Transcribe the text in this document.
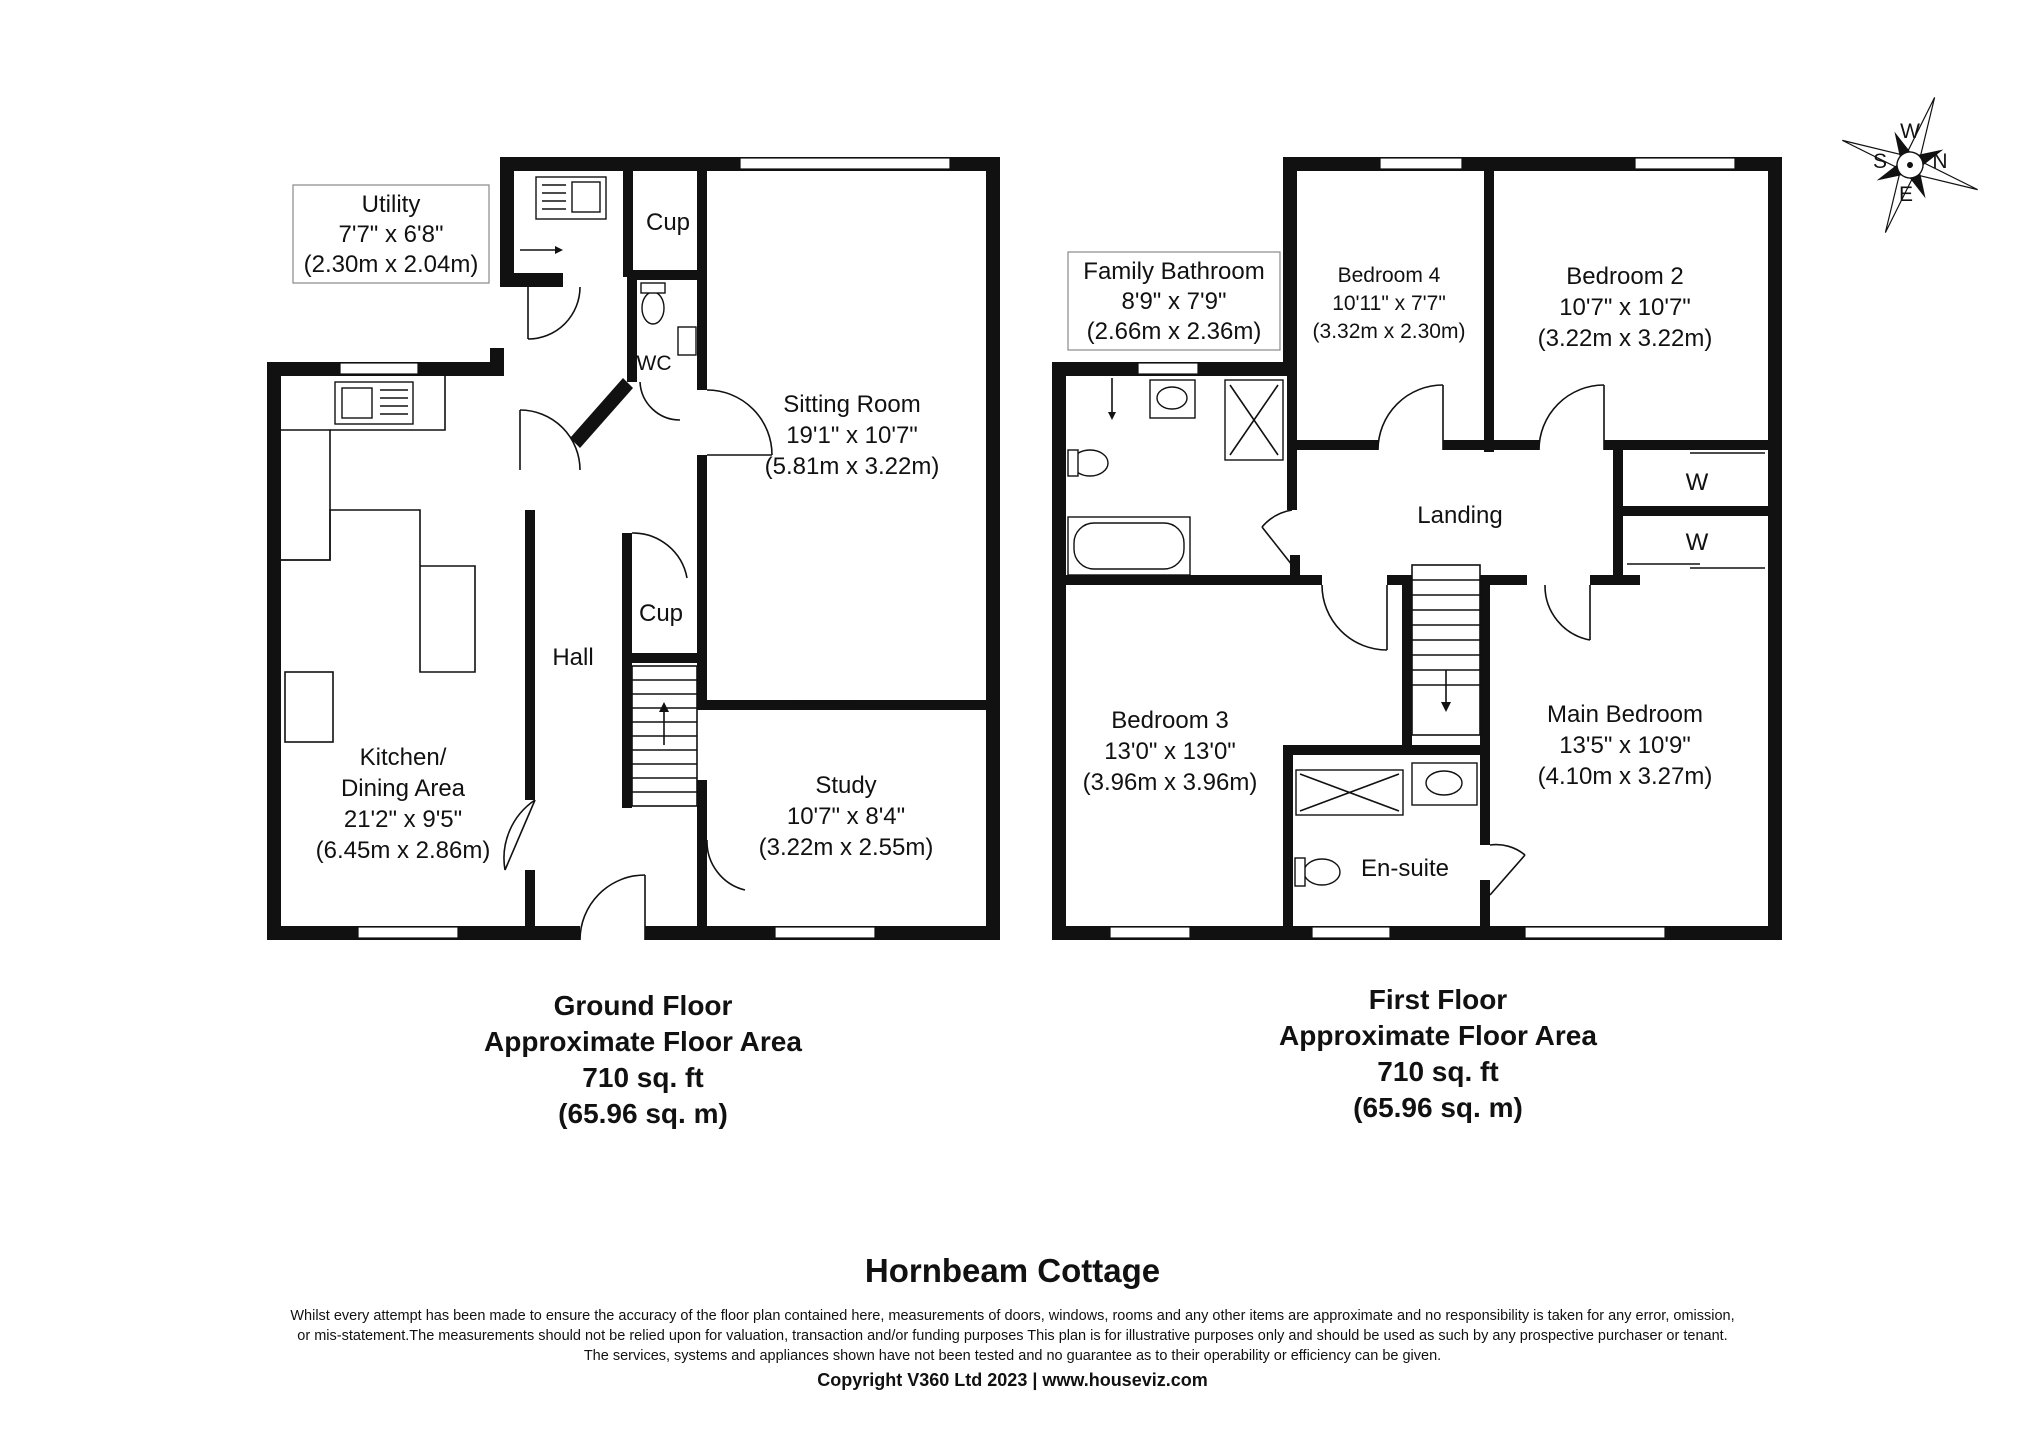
Utility
7'7" x 6'8"
(2.30m x 2.04m)
Cup
WC
Sitting Room
19'1" x 10'7"
(5.81m x 3.22m)
Cup
Hall
Kitchen/
Dining Area
21'2" x 9'5"
(6.45m x 2.86m)
Study
10'7" x 8'4"
(3.22m x 2.55m)
Family Bathroom
8'9" x 7'9"
(2.66m x 2.36m)
Bedroom 4
10'11" x 7'7"
(3.32m x 2.30m)
Bedroom 2
10'7" x 10'7"
(3.22m x 3.22m)
W
W
Landing
Bedroom 3
13'0" x 13'0"
(3.96m x 3.96m)
Main Bedroom
13'5" x 10'9"
(4.10m x 3.27m)
En-suite
W
N
S
E
Ground Floor
Approximate Floor Area
710 sq. ft
(65.96 sq. m)
First Floor
Approximate Floor Area
710 sq. ft
(65.96 sq. m)
Hornbeam Cottage
Whilst every attempt has been made to ensure the accuracy of the floor plan contained here, measurements of doors, windows, rooms and any other items are approximate and no responsibility is taken for any error, omission,
or mis-statement.The measurements should not be relied upon for valuation, transaction and/or funding purposes This plan is for illustrative purposes only and should be used as such by any prospective purchaser or tenant.
The services, systems and appliances shown have not been tested and no guarantee as to their operability or efficiency can be given.
Copyright V360 Ltd 2023 | www.houseviz.com
